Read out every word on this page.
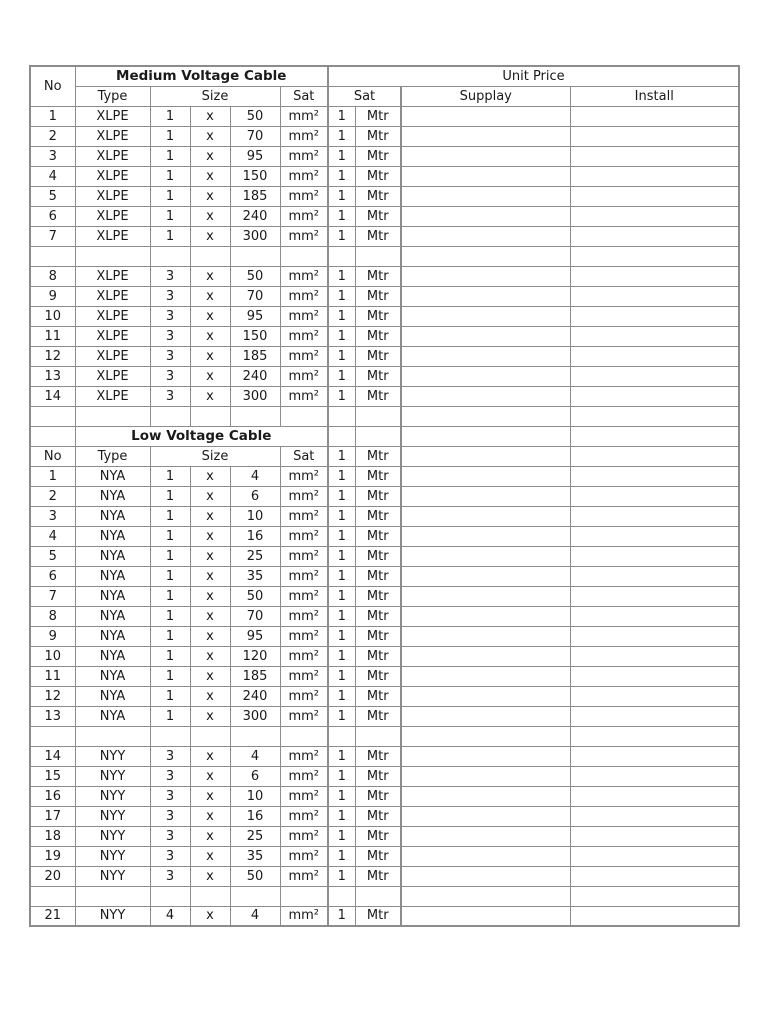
No	Medium Voltage Cable					Unit Price			
	Type	Size			Sat	Sat		Supplay	Install
1	XLPE	1	x	50	mm²	1	Mtr		
2	XLPE	1	x	70	mm²	1	Mtr		
3	XLPE	1	x	95	mm²	1	Mtr		
4	XLPE	1	x	150	mm²	1	Mtr		
5	XLPE	1	x	185	mm²	1	Mtr		
6	XLPE	1	x	240	mm²	1	Mtr		
7	XLPE	1	x	300	mm²	1	Mtr		

8	XLPE	3	x	50	mm²	1	Mtr		
9	XLPE	3	x	70	mm²	1	Mtr		
10	XLPE	3	x	95	mm²	1	Mtr		
11	XLPE	3	x	150	mm²	1	Mtr		
12	XLPE	3	x	185	mm²	1	Mtr		
13	XLPE	3	x	240	mm²	1	Mtr		
14	XLPE	3	x	300	mm²	1	Mtr		

	Low Voltage Cable								
No	Type	Size			Sat	1	Mtr		
1	NYA	1	x	4	mm²	1	Mtr		
2	NYA	1	x	6	mm²	1	Mtr		
3	NYA	1	x	10	mm²	1	Mtr		
4	NYA	1	x	16	mm²	1	Mtr		
5	NYA	1	x	25	mm²	1	Mtr		
6	NYA	1	x	35	mm²	1	Mtr		
7	NYA	1	x	50	mm²	1	Mtr		
8	NYA	1	x	70	mm²	1	Mtr		
9	NYA	1	x	95	mm²	1	Mtr		
10	NYA	1	x	120	mm²	1	Mtr		
11	NYA	1	x	185	mm²	1	Mtr		
12	NYA	1	x	240	mm²	1	Mtr		
13	NYA	1	x	300	mm²	1	Mtr		

14	NYY	3	x	4	mm²	1	Mtr		
15	NYY	3	x	6	mm²	1	Mtr		
16	NYY	3	x	10	mm²	1	Mtr		
17	NYY	3	x	16	mm²	1	Mtr		
18	NYY	3	x	25	mm²	1	Mtr		
19	NYY	3	x	35	mm²	1	Mtr		
20	NYY	3	x	50	mm²	1	Mtr		

21	NYY	4	x	4	mm²	1	Mtr		
